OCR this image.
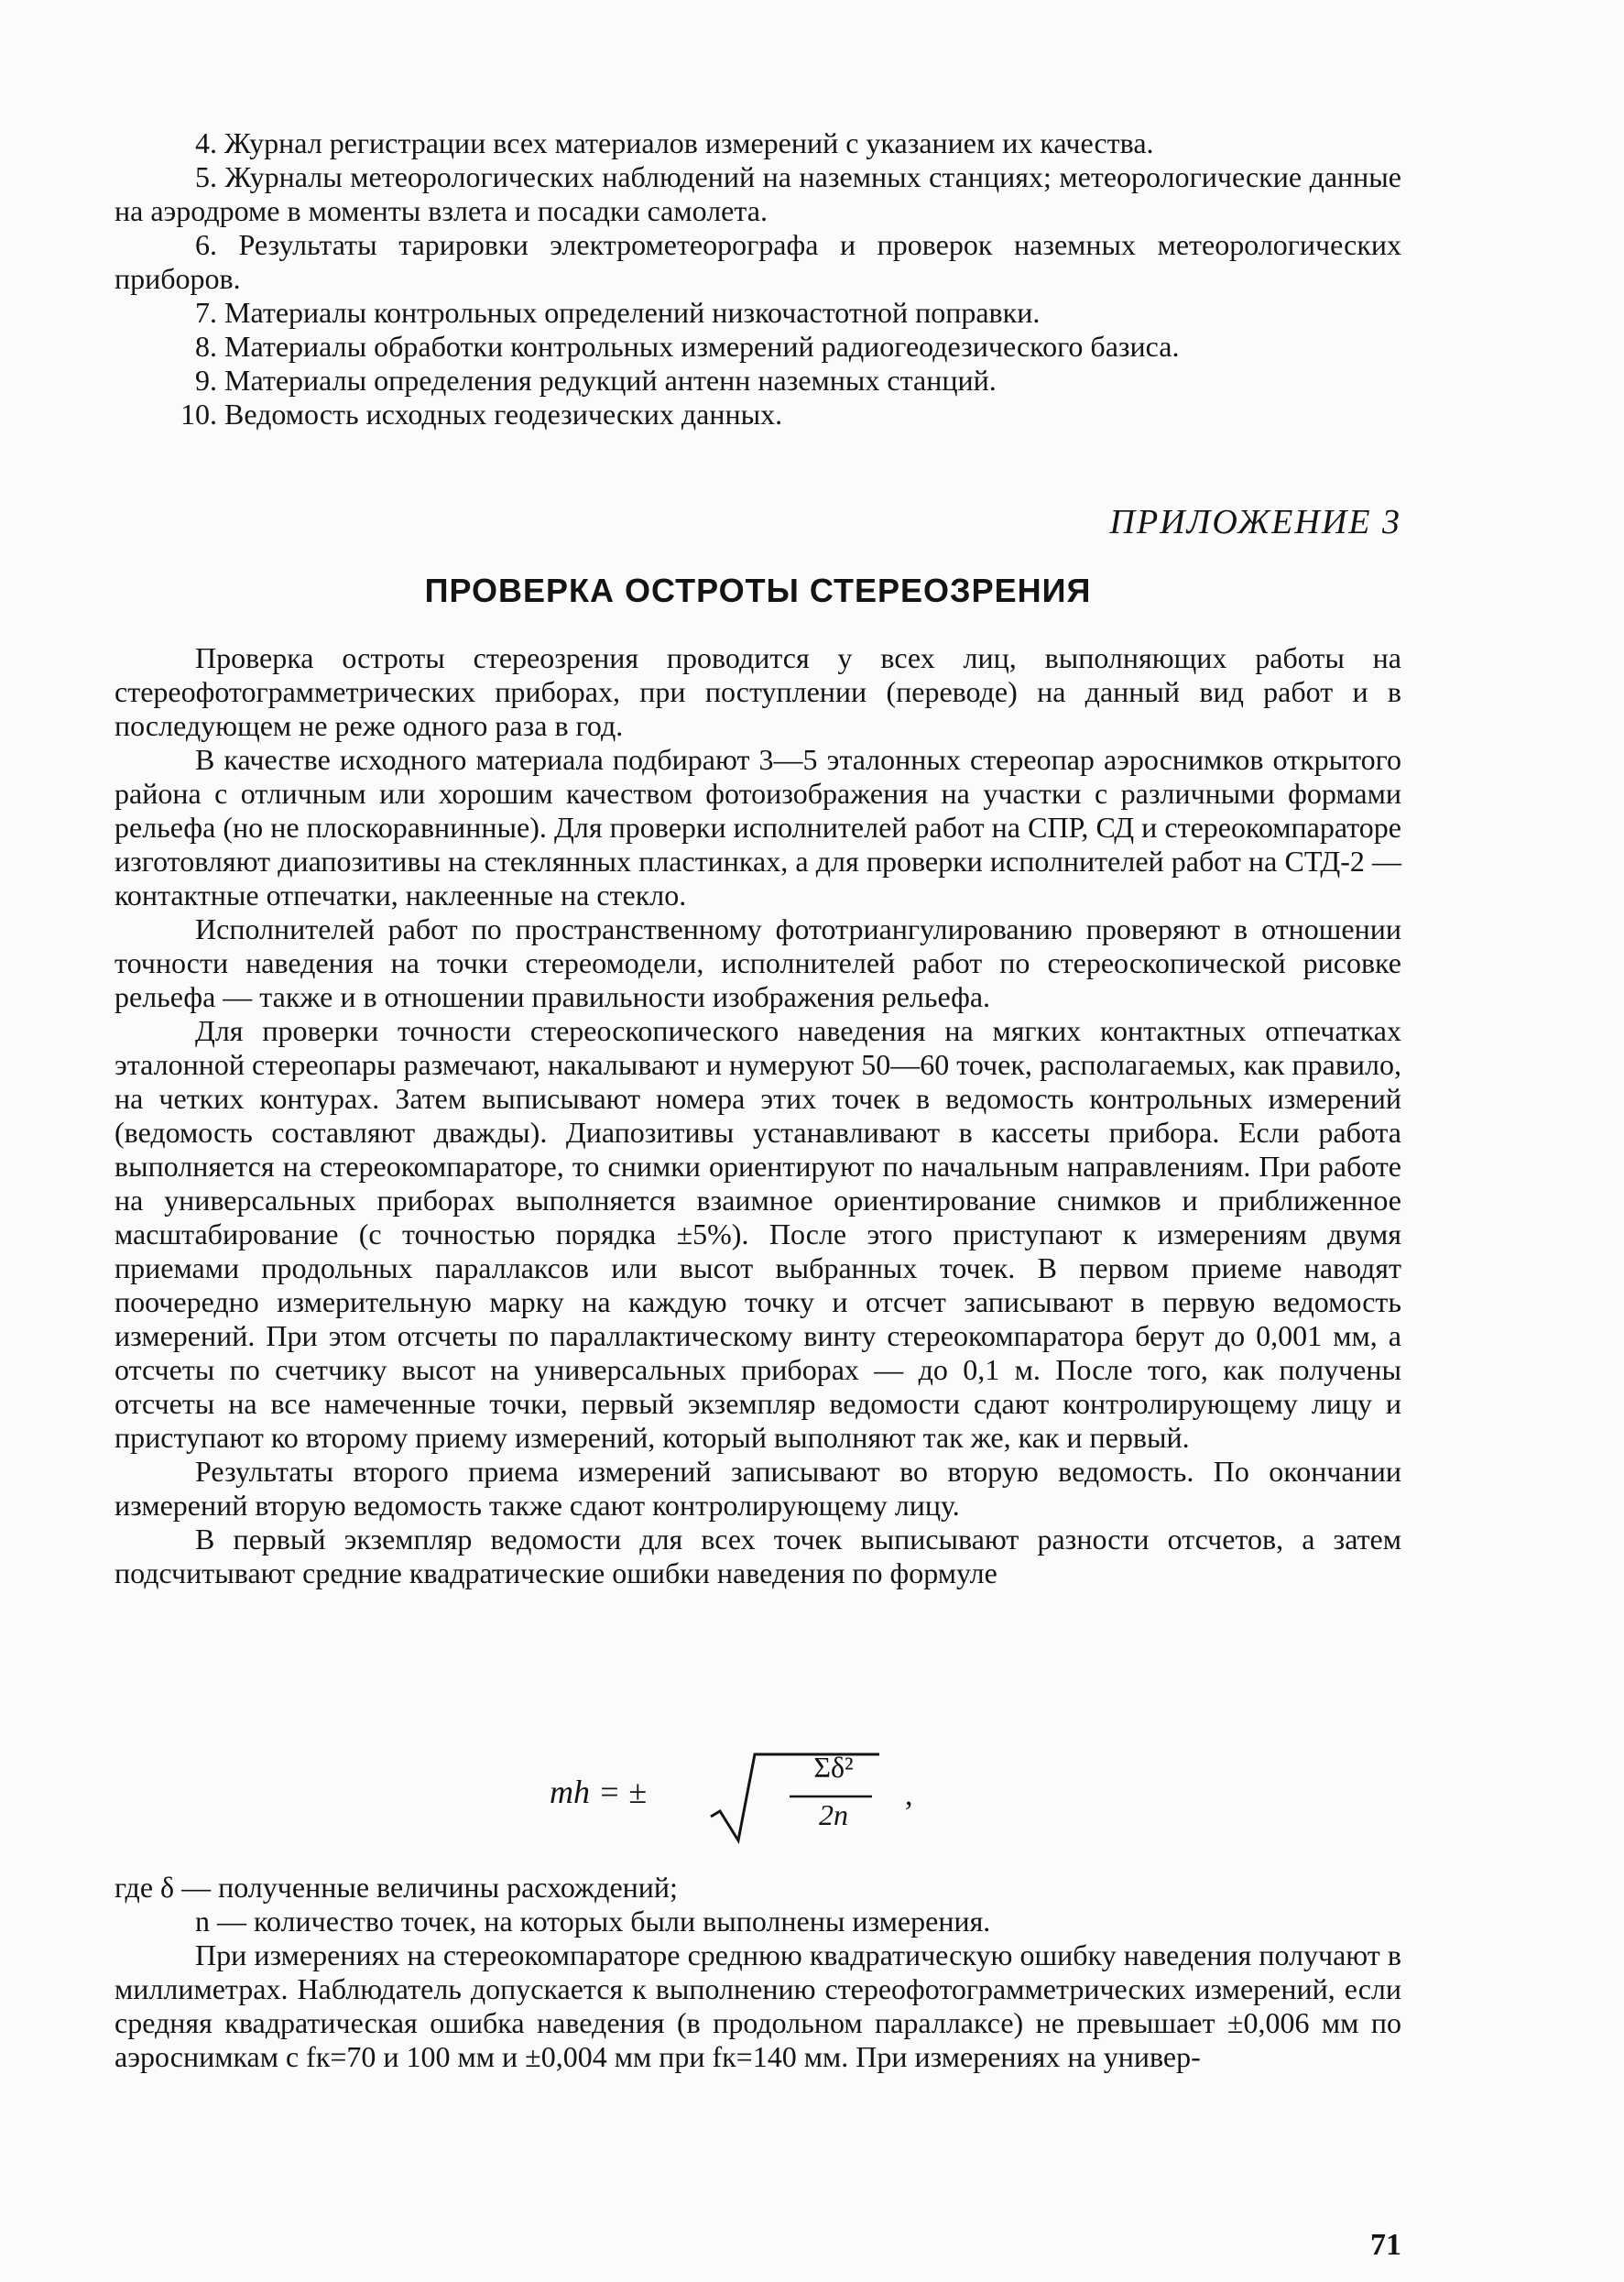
4. Журнал регистрации всех материалов измерений с указанием их качества.

5. Журналы метеорологических наблюдений на наземных станциях; метеорологические данные на аэродроме в моменты взлета и посадки самолета.

6. Результаты тарировки электрометеорографа и проверок наземных метеорологических приборов.

7. Материалы контрольных определений низкочастотной поправки.

8. Материалы обработки контрольных измерений радиогеодезического базиса.

9. Материалы определения редукций антенн наземных станций.

10. Ведомость исходных геодезических данных.

ПРИЛОЖЕНИЕ 3
ПРОВЕРКА ОСТРОТЫ СТЕРЕОЗРЕНИЯ

Проверка остроты стереозрения проводится у всех лиц, выполняющих работы на стереофотограмметрических приборах, при поступлении (переводе) на данный вид работ и в последующем не реже одного раза в год.

В качестве исходного материала подбирают 3—5 эталонных стереопар аэроснимков открытого района с отличным или хорошим качеством фотоизображения на участки с различными формами рельефа (но не плоскоравнинные). Для проверки исполнителей работ на СПР, СД и стереокомпараторе изготовляют диапозитивы на стеклянных пластинках, а для проверки исполнителей работ на СТД-2 — контактные отпечатки, наклеенные на стекло.

Исполнителей работ по пространственному фототриангулированию проверяют в отношении точности наведения на точки стереомодели, исполнителей работ по стереоскопической рисовке рельефа — также и в отношении правильности изображения рельефа.

Для проверки точности стереоскопического наведения на мягких контактных отпечатках эталонной стереопары размечают, накалывают и нумеруют 50—60 точек, располагаемых, как правило, на четких контурах. Затем выписывают номера этих точек в ведомость контрольных измерений (ведомость составляют дважды). Диапозитивы устанавливают в кассеты прибора. Если работа выполняется на стереокомпараторе, то снимки ориентируют по начальным направлениям. При работе на универсальных приборах выполняется взаимное ориентирование снимков и приближенное масштабирование (с точностью порядка ±5%). После этого приступают к измерениям двумя приемами продольных параллаксов или высот выбранных точек. В первом приеме наводят поочередно измерительную марку на каждую точку и отсчет записывают в первую ведомость измерений. При этом отсчеты по параллактическому винту стереокомпаратора берут до 0,001 мм, а отсчеты по счетчику высот на универсальных приборах — до 0,1 м. После того, как получены отсчеты на все намеченные точки, первый экземпляр ведомости сдают контролирующему лицу и приступают ко второму приему измерений, который выполняют так же, как и первый.

Результаты второго приема измерений записывают во вторую ведомость. По окончании измерений вторую ведомость также сдают контролирующему лицу.

В первый экземпляр ведомости для всех точек выписывают разности отсчетов, а затем подсчитывают средние квадратические ошибки наведения по формуле

mh = ±
Σδ²
2n
,

где δ — полученные величины расхождений;

n — количество точек, на которых были выполнены измерения.

При измерениях на стереокомпараторе среднюю квадратическую ошибку наведения получают в миллиметрах. Наблюдатель допускается к выполнению стереофотограмметрических измерений, если средняя квадратическая ошибка наведения (в продольном параллаксе) не превышает ±0,006 мм по аэроснимкам с fк=70 и 100 мм и ±0,004 мм при fк=140 мм. При измерениях на универ-

71
